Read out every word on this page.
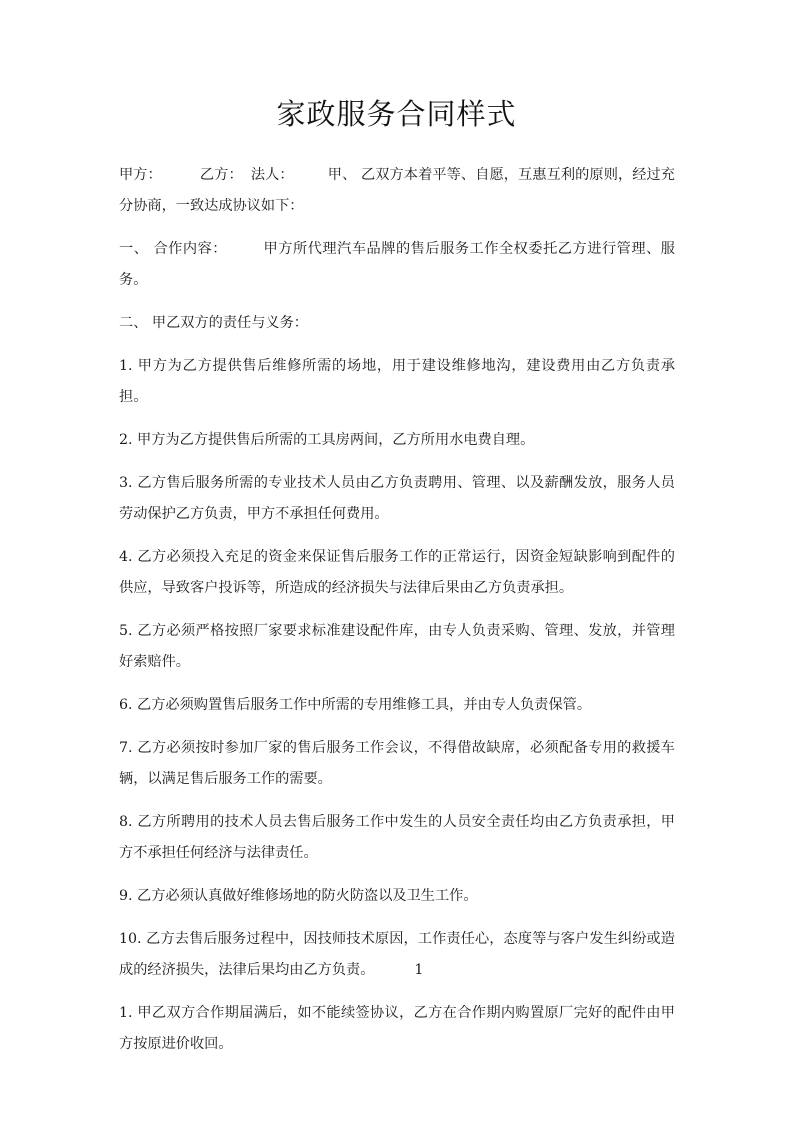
家政服务合同样式

甲方：	乙方： 法人： 甲、 乙双方本着平等、自愿，互惠互利的原则，经过充分协商，一致达成协议如下：

一、 合作内容：	甲方所代理汽车品牌的售后服务工作全权委托乙方进行管理、服务。

二、 甲乙双方的责任与义务：

1. 甲方为乙方提供售后维修所需的场地，用于建设维修地沟，建设费用由乙方负责承担。

2. 甲方为乙方提供售后所需的工具房两间，乙方所用水电费自理。

3. 乙方售后服务所需的专业技术人员由乙方负责聘用、管理、以及薪酬发放，服务人员劳动保护乙方负责，甲方不承担任何费用。

4. 乙方必须投入充足的资金来保证售后服务工作的正常运行，因资金短缺影响到配件的供应，导致客户投诉等，所造成的经济损失与法律后果由乙方负责承担。

5. 乙方必须严格按照厂家要求标准建设配件库，由专人负责采购、管理、发放，并管理好索赔件。

6. 乙方必须购置售后服务工作中所需的专用维修工具，并由专人负责保管。

7. 乙方必须按时参加厂家的售后服务工作会议，不得借故缺席，必须配备专用的救援车辆，以满足售后服务工作的需要。

8. 乙方所聘用的技术人员去售后服务工作中发生的人员安全责任均由乙方负责承担，甲方不承担任何经济与法律责任。

9. 乙方必须认真做好维修场地的防火防盗以及卫生工作。

10. 乙方去售后服务过程中，因技师技术原因，工作责任心，态度等与客户发生纠纷或造成的经济损失，法律后果均由乙方负责。	1

1. 甲乙双方合作期届满后，如不能续签协议，乙方在合作期内购置原厂完好的配件由甲方按原进价收回。
